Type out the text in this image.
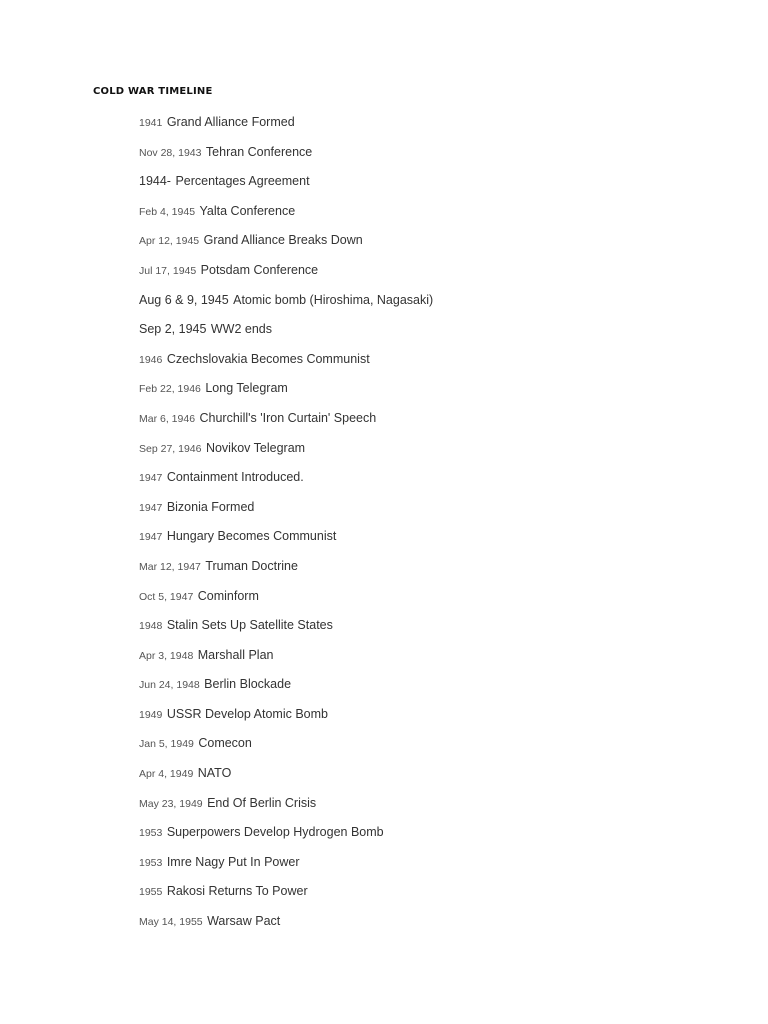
COLD WAR TIMELINE
1941 Grand Alliance Formed
Nov 28, 1943 Tehran Conference
1944- Percentages Agreement
Feb 4, 1945 Yalta Conference
Apr 12, 1945 Grand Alliance Breaks Down
Jul 17, 1945 Potsdam Conference
Aug 6 & 9, 1945 Atomic bomb (Hiroshima, Nagasaki)
Sep 2, 1945 WW2 ends
1946 Czechslovakia Becomes Communist
Feb 22, 1946 Long Telegram
Mar 6, 1946 Churchill's 'Iron Curtain' Speech
Sep 27, 1946 Novikov Telegram
1947 Containment Introduced.
1947 Bizonia Formed
1947 Hungary Becomes Communist
Mar 12, 1947 Truman Doctrine
Oct 5, 1947 Cominform
1948 Stalin Sets Up Satellite States
Apr 3, 1948 Marshall Plan
Jun 24, 1948 Berlin Blockade
1949 USSR Develop Atomic Bomb
Jan 5, 1949 Comecon
Apr 4, 1949 NATO
May 23, 1949 End Of Berlin Crisis
1953 Superpowers Develop Hydrogen Bomb
1953 Imre Nagy Put In Power
1955 Rakosi Returns To Power
May 14, 1955 Warsaw Pact
